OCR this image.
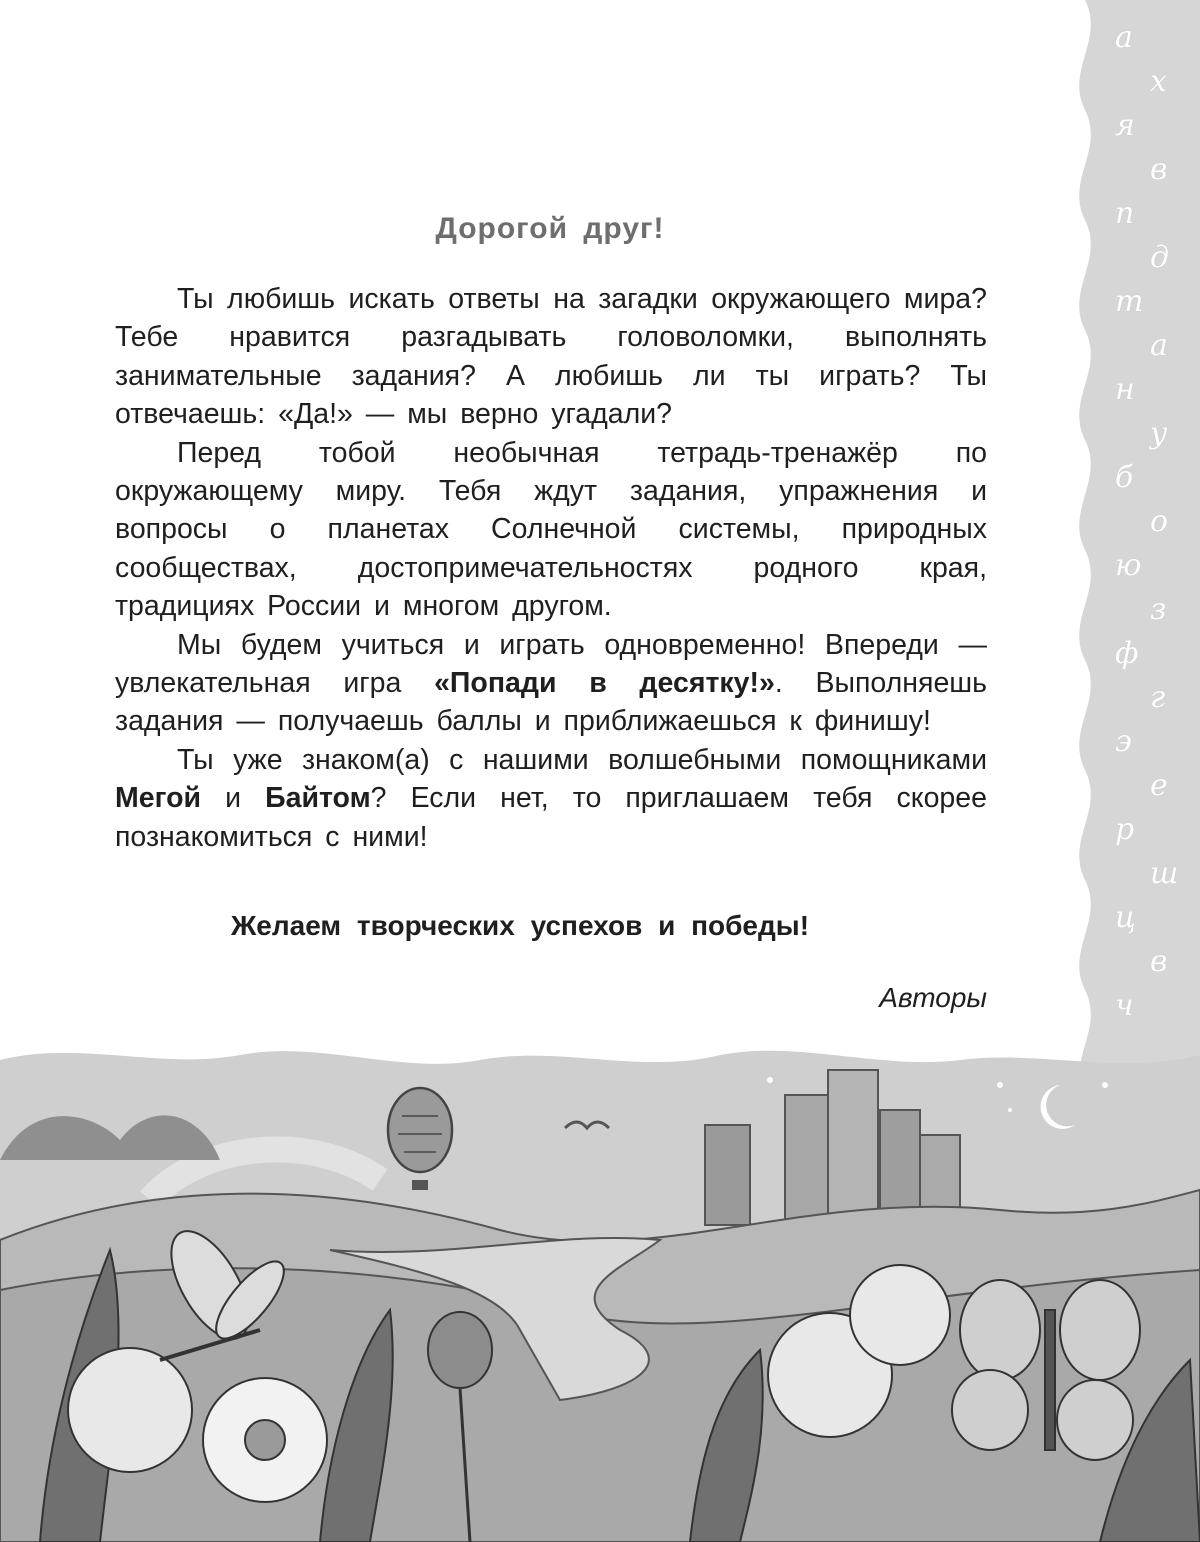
а
х
я
в
п
д
т
а
н
у
б
о
ю
з
ф
г
э
е
р
ш
ц
в
ч
Дорогой друг!

Ты любишь искать ответы на загадки окружающего мира? Тебе нравится разгадывать головоломки, выполнять занимательные задания? А любишь ли ты играть? Ты отвечаешь: «Да!» — мы верно угадали?

Перед тобой необычная тетрадь-тренажёр по окружающему миру. Тебя ждут задания, упражнения и вопросы о планетах Солнечной системы, природных сообществах, достопримечательностях родного края, традициях России и многом другом.

Мы будем учиться и играть одновременно! Впереди — увлекательная игра «Попади в десятку!». Выполняешь задания — получаешь баллы и приближаешься к финишу!

Ты уже знаком(а) с нашими волшебными помощниками Мегой и Байтом? Если нет, то приглашаем тебя скорее познакомиться с ними!

Желаем творческих успехов и победы!
Авторы
